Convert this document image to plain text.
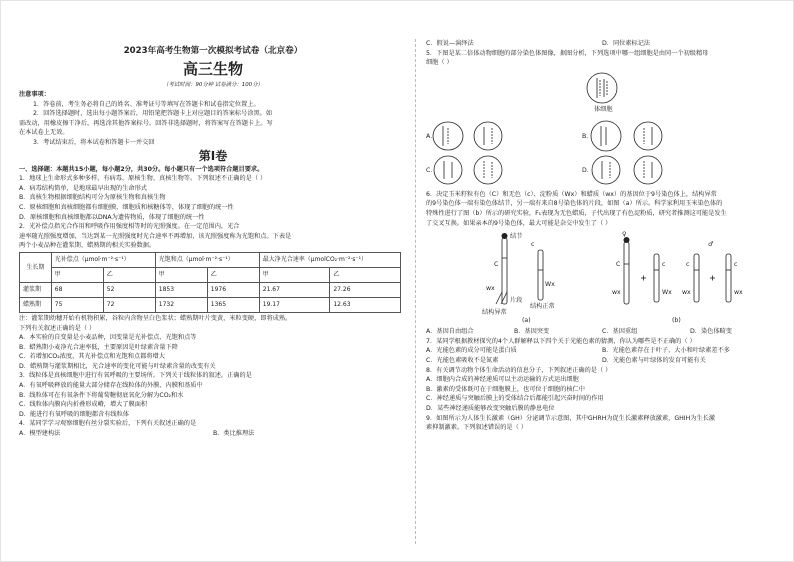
2023年高考生物第一次模拟考试卷（北京卷）
高三生物
（考试时间：90分钟 试卷满分：100分）
注意事项：
1．答卷前，考生务必将自己的姓名、准考证号等填写在答题卡和试卷指定位置上。
2．回答选择题时，选出每小题答案后，用铅笔把答题卡上对应题目的答案标号涂黑。如
需改动，用橡皮擦干净后，再选涂其他答案标号。回答非选择题时，将答案写在答题卡上。写
在本试卷上无效。
3．考试结束后，将本试卷和答题卡一并交回
第Ⅰ卷
一、选择题：本题共15小题，每小题2分，共30分。每小题只有一个选项符合题目要求。
1．地球上生命形式多种多样，有病毒、原核生物、真核生物等。下列叙述不正确的是（ ）
A．病毒结构简单，是地球最早出现的生命形式
B．真核生物根据细胞结构可分为原核生物和真核生物
C．原核细胞和真核细胞都有细胞膜、细胞质和核糖体等，体现了细胞的统一性
D．原核细胞和真核细胞都以DNA为遗传物质，体现了细胞的统一性
2．光补偿点指光合作用和呼吸作用强度相等时的光照强度。在一定范围内，光合
速率随光照强度增加，当达到某一光照强度时光合速率不再增加，该光照强度称为光饱和点。下表是
两个小麦品种在灌浆期、蜡熟期的相关实验数据。
生长期	光补偿点（μmol·m⁻²·s⁻¹）		光饱和点（μmol·m⁻²·s⁻¹）		最大净光合速率（μmolCO₂·m⁻²·s⁻¹）	
	甲	乙	甲	乙	甲	乙
灌浆期	68	52	1853	1976	21.67	27.26
蜡熟期	75	72	1732	1365	19.17	12.63
注：灌浆期幼穗开始有机物积累，谷粒内含物呈白色浆状；蜡熟期叶片变黄，米粒变硬，即将成熟。
下列有关叙述正确的是（ ）
A．本实验的自变量是小麦品种，因变量是光补偿点、光饱和点等
B．蜡熟期小麦净光合速率低，主要原因是叶绿素含量下降
C．若增加CO₂浓度，其光补偿点和光饱和点都将增大
D．蜡熟期与灌浆期相比，光合速率的变化可能与叶绿素含量的改变有关
3．线粒体是真核细胞中进行有氧呼吸的主要场所。下列关于线粒体的叙述，正确的是
A．有氧呼吸释放的能量大部分储存在线粒体的外膜、内膜和基质中
B．线粒体可在有氧条件下将葡萄糖彻底氧化分解为CO₂和水
C．线粒体内膜向内折叠形成嵴，增大了膜面积
D．能进行有氧呼吸的细胞都含有线粒体
4．某同学学习观察细胞有丝分裂实验后，下列有关叙述正确的是
A．模型建构法	B．类比推理法
C．假说—演绎法	D．同位素标记法
5．下图是某二倍体动物细胞的部分染色体图像，据图分析，下列选项中哪一组细胞是由同一个初级精母
细胞（ ）
体细胞
A．	B．
C．	D．
6．决定玉米籽粒有色（C）和无色（c）、淀粉质（Wx）和蜡质（wx）的基因位于9号染色体上，结构异常
的9号染色体一端有染色体结节，另一端有来自8号染色体的片段，如图（a）所示。科学家利用玉米染色体的
特殊性进行了图（b）所示的研究实验，F₁表现为无色蜡质，子代出现了有色淀粉质，研究者推测这可能是发生
了交叉互换。如果亲本的9号染色体，最大可能是杂交中发生了（ ）
结节
C
wx
片段
结构异常
c
Wx
结构正常
(a)
♀
♂
C	c	c	c
wx	Wx wx	wx
(b)
A．基因自由组合	B．基因突变	C．基因重组	D．染色体畸变
7．某同学根据教材探究的4个人群解释以下四个关于光能色素的猜测，你认为哪些是不正确的（ ）
A．光能色素的成分可能是蛋白质	B．光能色素存在于叶子，大小和叶绿素差不多
C．光能色素吸收不是氮素	D．光能色素与叶绿体的发育可能有关
8．有关调节动物个体生命活动的信息分子，下列叙述正确的是（ ）
A．细胞内合成的神经递质可以主动运输的方式运出细胞
B．激素的受体既可在于细胞膜上，也可位于细胞的核仁中
C．神经递质与突触后膜上的受体结合后都能引起兴奋时间的作用
D．某些神经递质能够改变突触后膜的静息电位
9．如图所示为人体生长激素（GH）分泌调节示意图，其中GHRH为促生长激素释放激素，GHIH为生长激
素抑制激素。下列叙述错误的是（ ）
